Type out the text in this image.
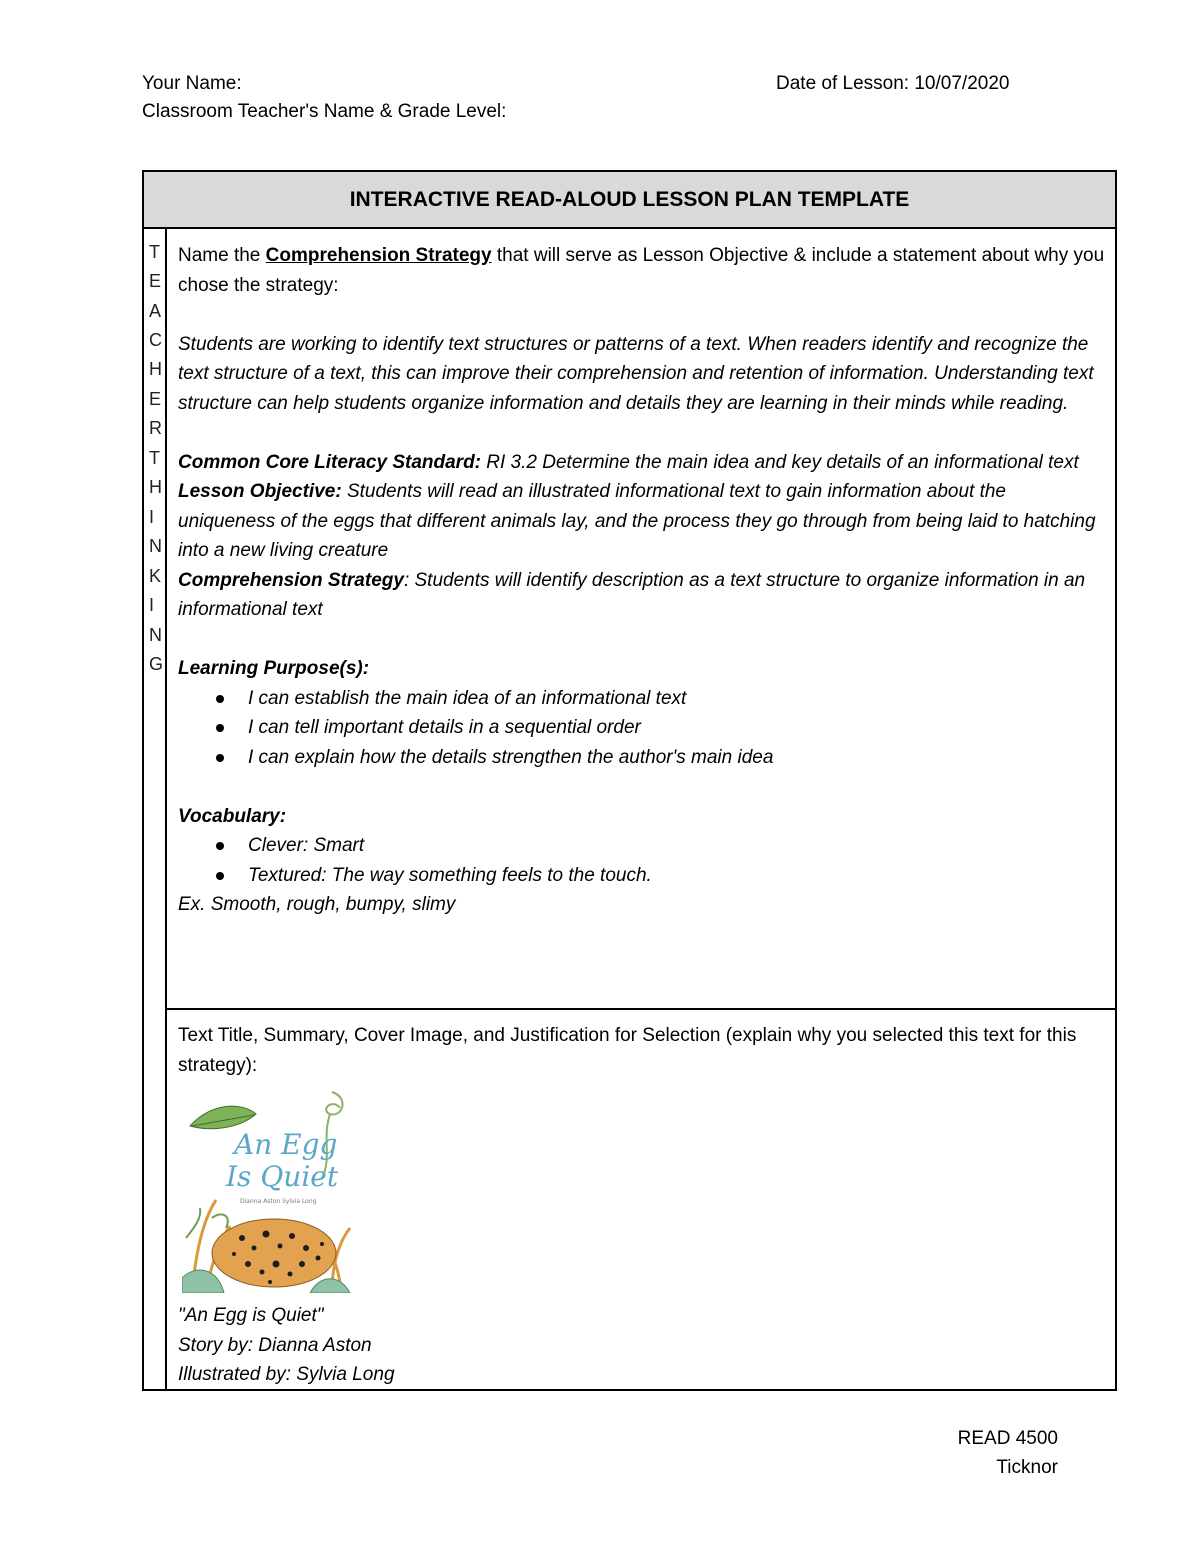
Your Name:
Classroom Teacher's Name & Grade Level:
Date of Lesson: 10/07/2020
INTERACTIVE READ-ALOUD LESSON PLAN TEMPLATE
T
E
A
C
H
E
R
T
H
I
N
K
I
N
G

Name the Comprehension Strategy that will serve as Lesson Objective & include a statement about why you chose the strategy:

Students are working to identify text structures or patterns of a text. When readers identify and recognize the text structure of a text, this can improve their comprehension and retention of information. Understanding text structure can help students organize information and details they are learning in their minds while reading.

Common Core Literacy Standard: RI 3.2 Determine the main idea and key details of an informational text

Lesson Objective: Students will read an illustrated informational text to gain information about the uniqueness of the eggs that different animals lay, and the process they go through from being laid to hatching into a new living creature

Comprehension Strategy: Students will identify description as a text structure to organize information in an informational text

Learning Purpose(s):

I can establish the main idea of an informational text
I can tell important details in a sequential order
I can explain how the details strengthen the author's main idea

Vocabulary:

Clever: Smart
Textured: The way something feels to the touch.

Ex. Smooth, rough, bumpy, slimy

Text Title, Summary, Cover Image, and Justification for Selection (explain why you selected this text for this strategy):

An Egg
Is Quiet
Dianna Aston Sylvia Long

"An Egg is Quiet"

Story by: Dianna Aston

Illustrated by: Sylvia Long

READ 4500
Ticknor
